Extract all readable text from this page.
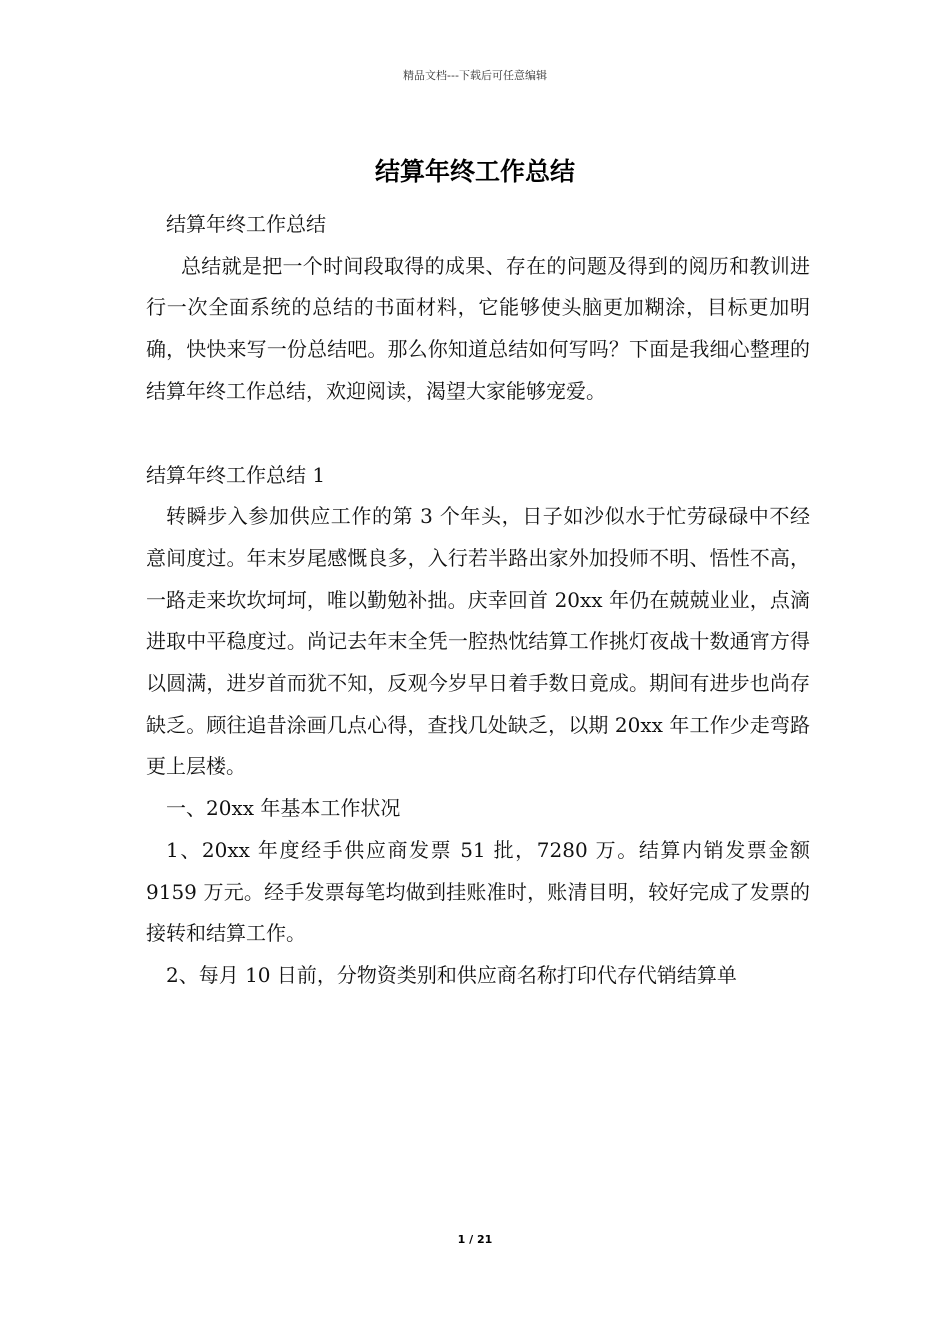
精品文档---下载后可任意编辑
结算年终工作总结

结算年终工作总结

总结就是把一个时间段取得的成果、存在的问题及得到的阅历和教训进行一次全面系统的总结的书面材料，它能够使头脑更加糊涂，目标更加明确，快快来写一份总结吧。那么你知道总结如何写吗？下面是我细心整理的结算年终工作总结，欢迎阅读，渴望大家能够宠爱。

结算年终工作总结 1

转瞬步入参加供应工作的第 3 个年头，日子如沙似水于忙劳碌碌中不经意间度过。年末岁尾感慨良多，入行若半路出家外加投师不明、悟性不高，一路走来坎坎坷坷，唯以勤勉补拙。庆幸回首 20xx 年仍在兢兢业业，点滴进取中平稳度过。尚记去年末全凭一腔热忱结算工作挑灯夜战十数通宵方得以圆满，进岁首而犹不知，反观今岁早日着手数日竟成。期间有进步也尚存缺乏。顾往追昔涂画几点心得，查找几处缺乏，以期 20xx 年工作少走弯路更上层楼。

一、20xx 年基本工作状况

1、20xx 年度经手供应商发票 51 批，7280 万。结算内销发票金额 9159 万元。经手发票每笔均做到挂账准时，账清目明，较好完成了发票的接转和结算工作。

2、每月 10 日前，分物资类别和供应商名称打印代存代销结算单

1 / 21
